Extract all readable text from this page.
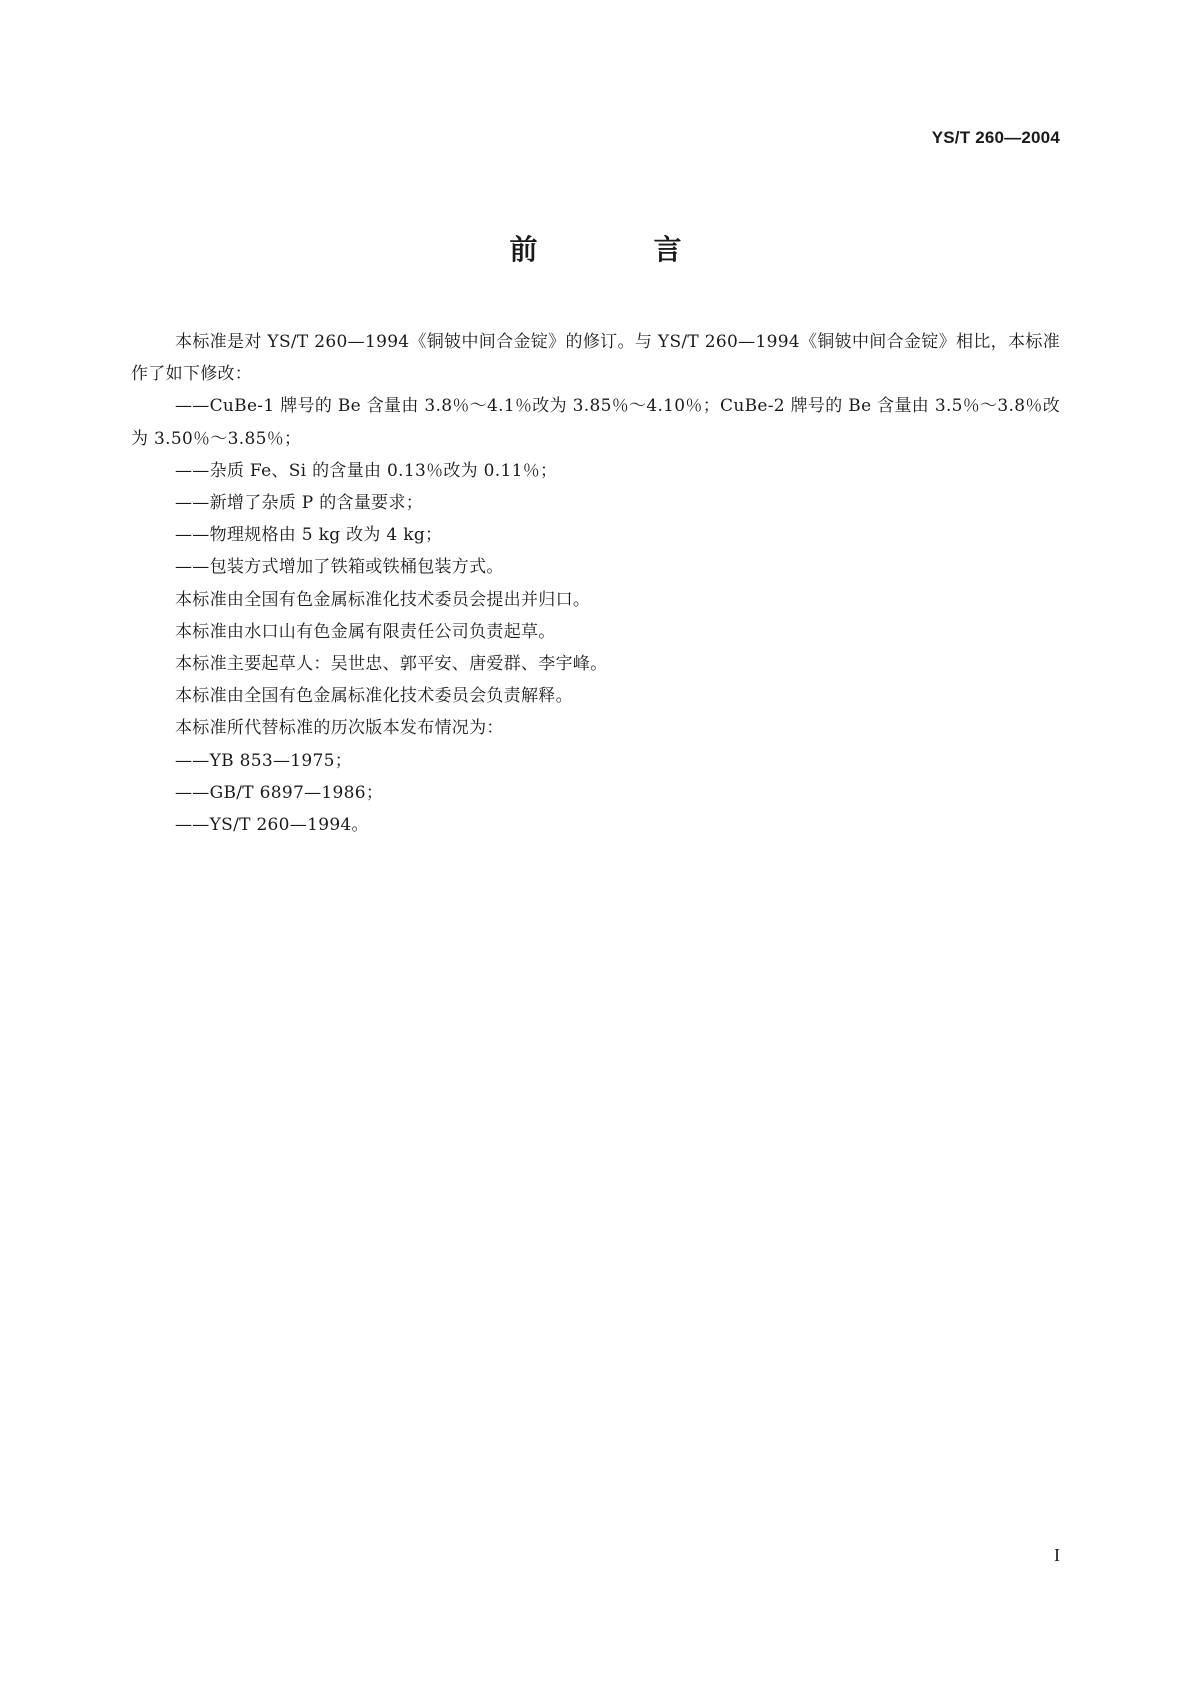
YS/T 260—2004
前　言

本标准是对 YS/T 260—1994《铜铍中间合金锭》的修订。与 YS/T 260—1994《铜铍中间合金锭》相比，本标准作了如下修改：

——CuBe-1 牌号的 Be 含量由 3.8％～4.1％改为 3.85％～4.10％；CuBe-2 牌号的 Be 含量由 3.5％～3.8％改为 3.50％～3.85％；

——杂质 Fe、Si 的含量由 0.13％改为 0.11％；

——新增了杂质 P 的含量要求；

——物理规格由 5 kg 改为 4 kg；

——包装方式增加了铁箱或铁桶包装方式。

本标准由全国有色金属标准化技术委员会提出并归口。

本标准由水口山有色金属有限责任公司负责起草。

本标准主要起草人：吴世忠、郭平安、唐爱群、李宇峰。

本标准由全国有色金属标准化技术委员会负责解释。

本标准所代替标准的历次版本发布情况为：

——YB 853—1975；

——GB/T 6897—1986；

——YS/T 260—1994。

I
